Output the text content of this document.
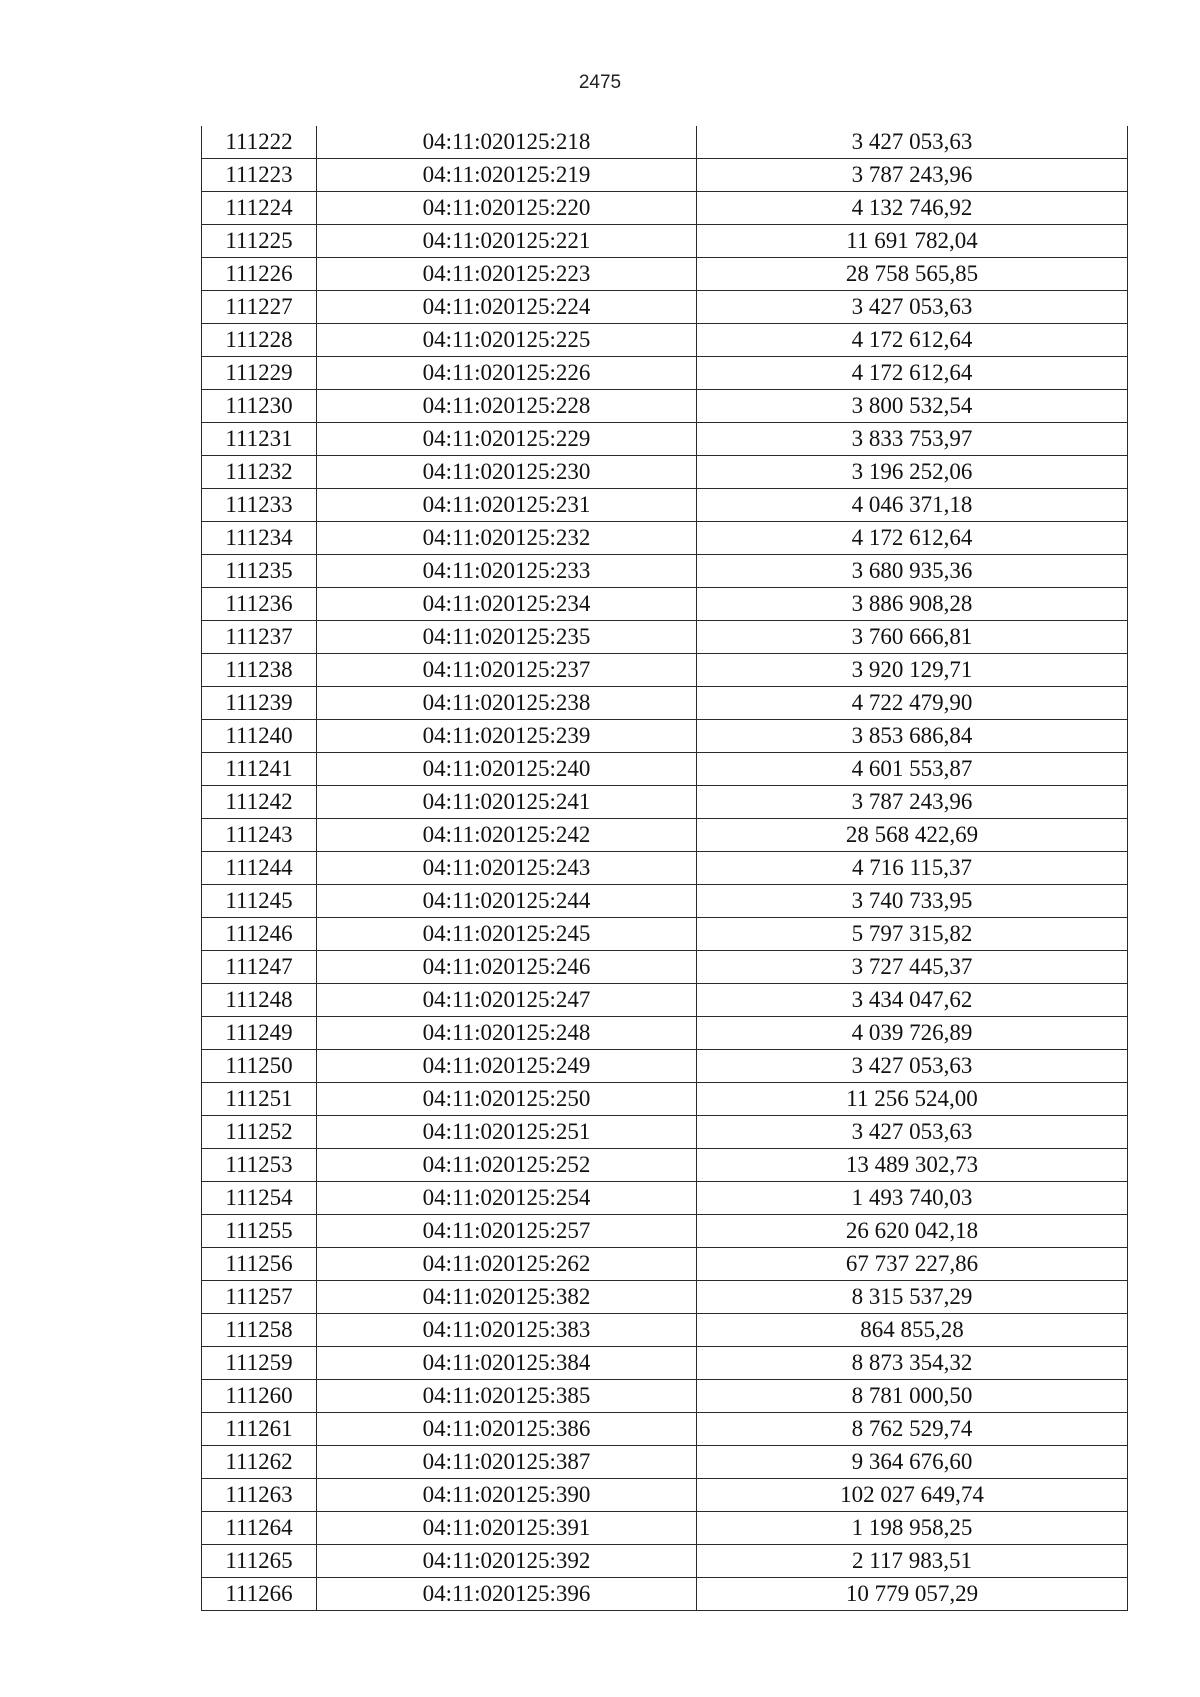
2475
111222	04:11:020125:218	3 427 053,63
111223	04:11:020125:219	3 787 243,96
111224	04:11:020125:220	4 132 746,92
111225	04:11:020125:221	11 691 782,04
111226	04:11:020125:223	28 758 565,85
111227	04:11:020125:224	3 427 053,63
111228	04:11:020125:225	4 172 612,64
111229	04:11:020125:226	4 172 612,64
111230	04:11:020125:228	3 800 532,54
111231	04:11:020125:229	3 833 753,97
111232	04:11:020125:230	3 196 252,06
111233	04:11:020125:231	4 046 371,18
111234	04:11:020125:232	4 172 612,64
111235	04:11:020125:233	3 680 935,36
111236	04:11:020125:234	3 886 908,28
111237	04:11:020125:235	3 760 666,81
111238	04:11:020125:237	3 920 129,71
111239	04:11:020125:238	4 722 479,90
111240	04:11:020125:239	3 853 686,84
111241	04:11:020125:240	4 601 553,87
111242	04:11:020125:241	3 787 243,96
111243	04:11:020125:242	28 568 422,69
111244	04:11:020125:243	4 716 115,37
111245	04:11:020125:244	3 740 733,95
111246	04:11:020125:245	5 797 315,82
111247	04:11:020125:246	3 727 445,37
111248	04:11:020125:247	3 434 047,62
111249	04:11:020125:248	4 039 726,89
111250	04:11:020125:249	3 427 053,63
111251	04:11:020125:250	11 256 524,00
111252	04:11:020125:251	3 427 053,63
111253	04:11:020125:252	13 489 302,73
111254	04:11:020125:254	1 493 740,03
111255	04:11:020125:257	26 620 042,18
111256	04:11:020125:262	67 737 227,86
111257	04:11:020125:382	8 315 537,29
111258	04:11:020125:383	864 855,28
111259	04:11:020125:384	8 873 354,32
111260	04:11:020125:385	8 781 000,50
111261	04:11:020125:386	8 762 529,74
111262	04:11:020125:387	9 364 676,60
111263	04:11:020125:390	102 027 649,74
111264	04:11:020125:391	1 198 958,25
111265	04:11:020125:392	2 117 983,51
111266	04:11:020125:396	10 779 057,29
